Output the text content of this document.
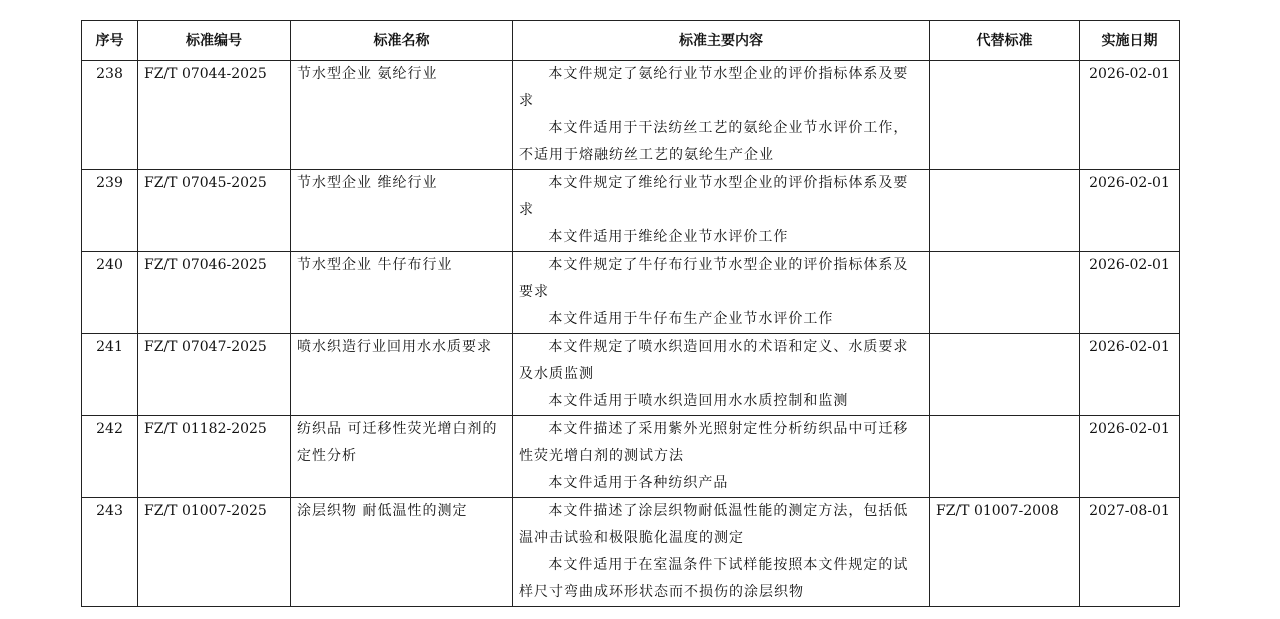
序号	标准编号	标准名称	标准主要内容	代替标准	实施日期
238	FZ/T 07044-2025	节水型企业 氨纶行业	本文件规定了氨纶行业节水型企业的评价指标体系及要求

本文件适用于干法纺丝工艺的氨纶企业节水评价工作，不适用于熔融纺丝工艺的氨纶生产企业		2026-02-01
239	FZ/T 07045-2025	节水型企业 维纶行业	本文件规定了维纶行业节水型企业的评价指标体系及要求

本文件适用于维纶企业节水评价工作		2026-02-01
240	FZ/T 07046-2025	节水型企业 牛仔布行业	本文件规定了牛仔布行业节水型企业的评价指标体系及要求

本文件适用于牛仔布生产企业节水评价工作		2026-02-01
241	FZ/T 07047-2025	喷水织造行业回用水水质要求	本文件规定了喷水织造回用水的术语和定义、水质要求及水质监测

本文件适用于喷水织造回用水水质控制和监测		2026-02-01
242	FZ/T 01182-2025	纺织品 可迁移性荧光增白剂的定性分析	本文件描述了采用紫外光照射定性分析纺织品中可迁移性荧光增白剂的测试方法

本文件适用于各种纺织产品		2026-02-01
243	FZ/T 01007-2025	涂层织物 耐低温性的测定	本文件描述了涂层织物耐低温性能的测定方法，包括低温冲击试验和极限脆化温度的测定

本文件适用于在室温条件下试样能按照本文件规定的试样尺寸弯曲成环形状态而不损伤的涂层织物	FZ/T 01007-2008	2027-08-01
